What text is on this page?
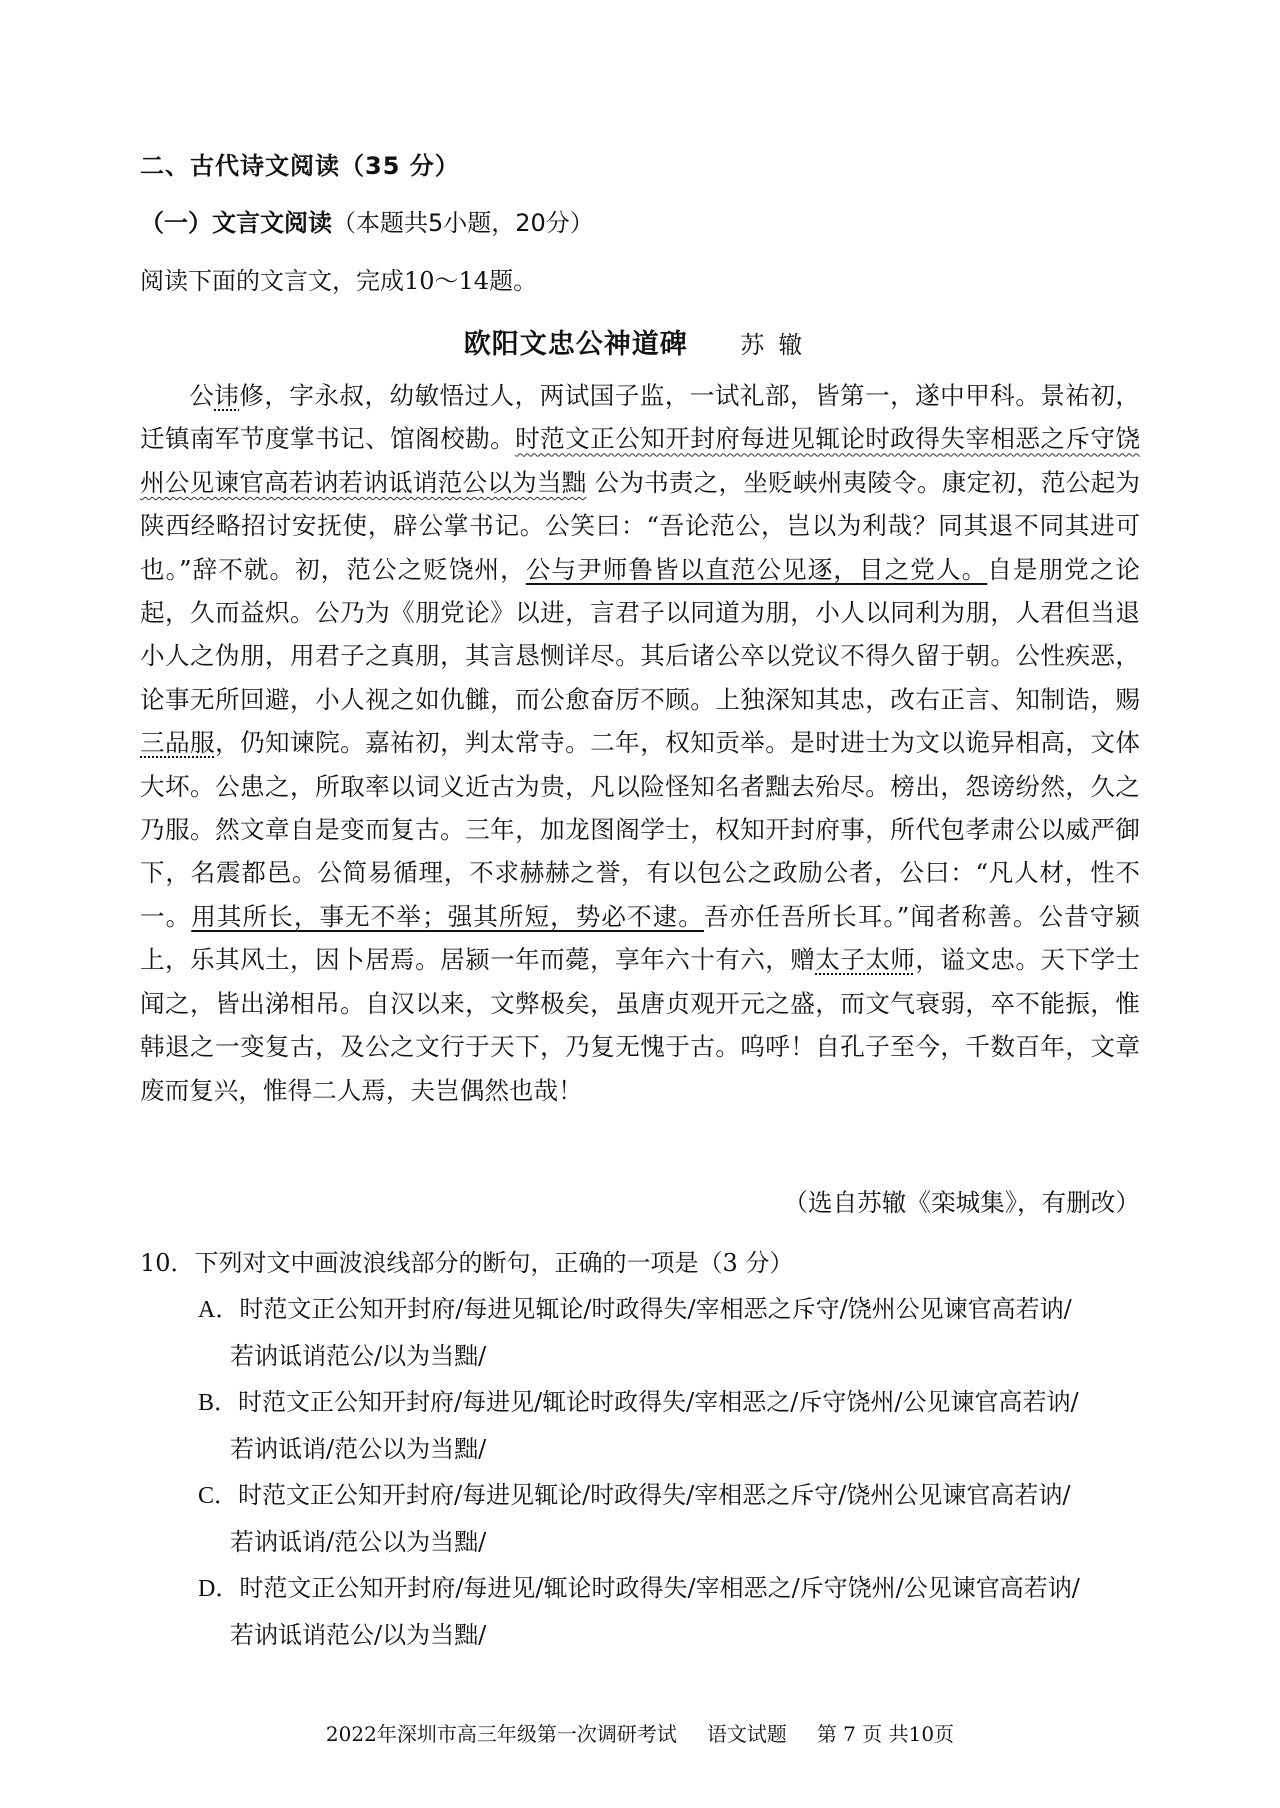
二、古代诗文阅读（35 分）
（一）文言文阅读（本题共5小题，20分）
阅读下面的文言文，完成10～14题。
欧阳文忠公神道碑 苏辙

公讳修，字永叔，幼敏悟过人，两试国子监，一试礼部，皆第一，遂中甲科。景祐初，迁镇南军节度掌书记、馆阁校勘。时范文正公知开封府每进见辄论时政得失宰相恶之斥守饶州公见谏官高若讷若讷诋诮范公以为当黜 公为书责之，坐贬峡州夷陵令。康定初，范公起为陕西经略招讨安抚使，辟公掌书记。公笑曰：“吾论范公，岂以为利哉？同其退不同其进可也。”辞不就。初，范公之贬饶州，公与尹师鲁皆以直范公见逐，目之党人。自是朋党之论起，久而益炽。公乃为《朋党论》以进，言君子以同道为朋，小人以同利为朋，人君但当退小人之伪朋，用君子之真朋，其言恳恻详尽。其后诸公卒以党议不得久留于朝。公性疾恶，论事无所回避，小人视之如仇雠，而公愈奋厉不顾。上独深知其忠，改右正言、知制诰，赐三品服，仍知谏院。嘉祐初，判太常寺。二年，权知贡举。是时进士为文以诡异相高，文体大坏。公患之，所取率以词义近古为贵，凡以险怪知名者黜去殆尽。榜出，怨谤纷然，久之乃服。然文章自是变而复古。三年，加龙图阁学士，权知开封府事，所代包孝肃公以威严御下，名震都邑。公简易循理，不求赫赫之誉，有以包公之政励公者，公曰：“凡人材，性不一。用其所长，事无不举；强其所短，势必不逮。吾亦任吾所长耳。”闻者称善。公昔守颍上，乐其风土，因卜居焉。居颍一年而薨，享年六十有六，赠太子太师，谥文忠。天下学士闻之，皆出涕相吊。自汉以来，文弊极矣，虽唐贞观开元之盛，而文气衰弱，卒不能振，惟韩退之一变复古，及公之文行于天下，乃复无愧于古。呜呼！自孔子至今，千数百年，文章废而复兴，惟得二人焉，夫岂偶然也哉！

（选自苏辙《栾城集》，有删改）

10．下列对文中画波浪线部分的断句，正确的一项是（3 分）

A．时范文正公知开封府/每进见辄论/时政得失/宰相恶之斥守/饶州公见谏官高若讷/
若讷诋诮范公/以为当黜/

B．时范文正公知开封府/每进见/辄论时政得失/宰相恶之/斥守饶州/公见谏官高若讷/
若讷诋诮/范公以为当黜/

C．时范文正公知开封府/每进见辄论/时政得失/宰相恶之斥守/饶州公见谏官高若讷/
若讷诋诮/范公以为当黜/

D．时范文正公知开封府/每进见/辄论时政得失/宰相恶之/斥守饶州/公见谏官高若讷/
若讷诋诮范公/以为当黜/

2022年深圳市高三年级第一次调研考试 语文试题 第 7 页 共10页
